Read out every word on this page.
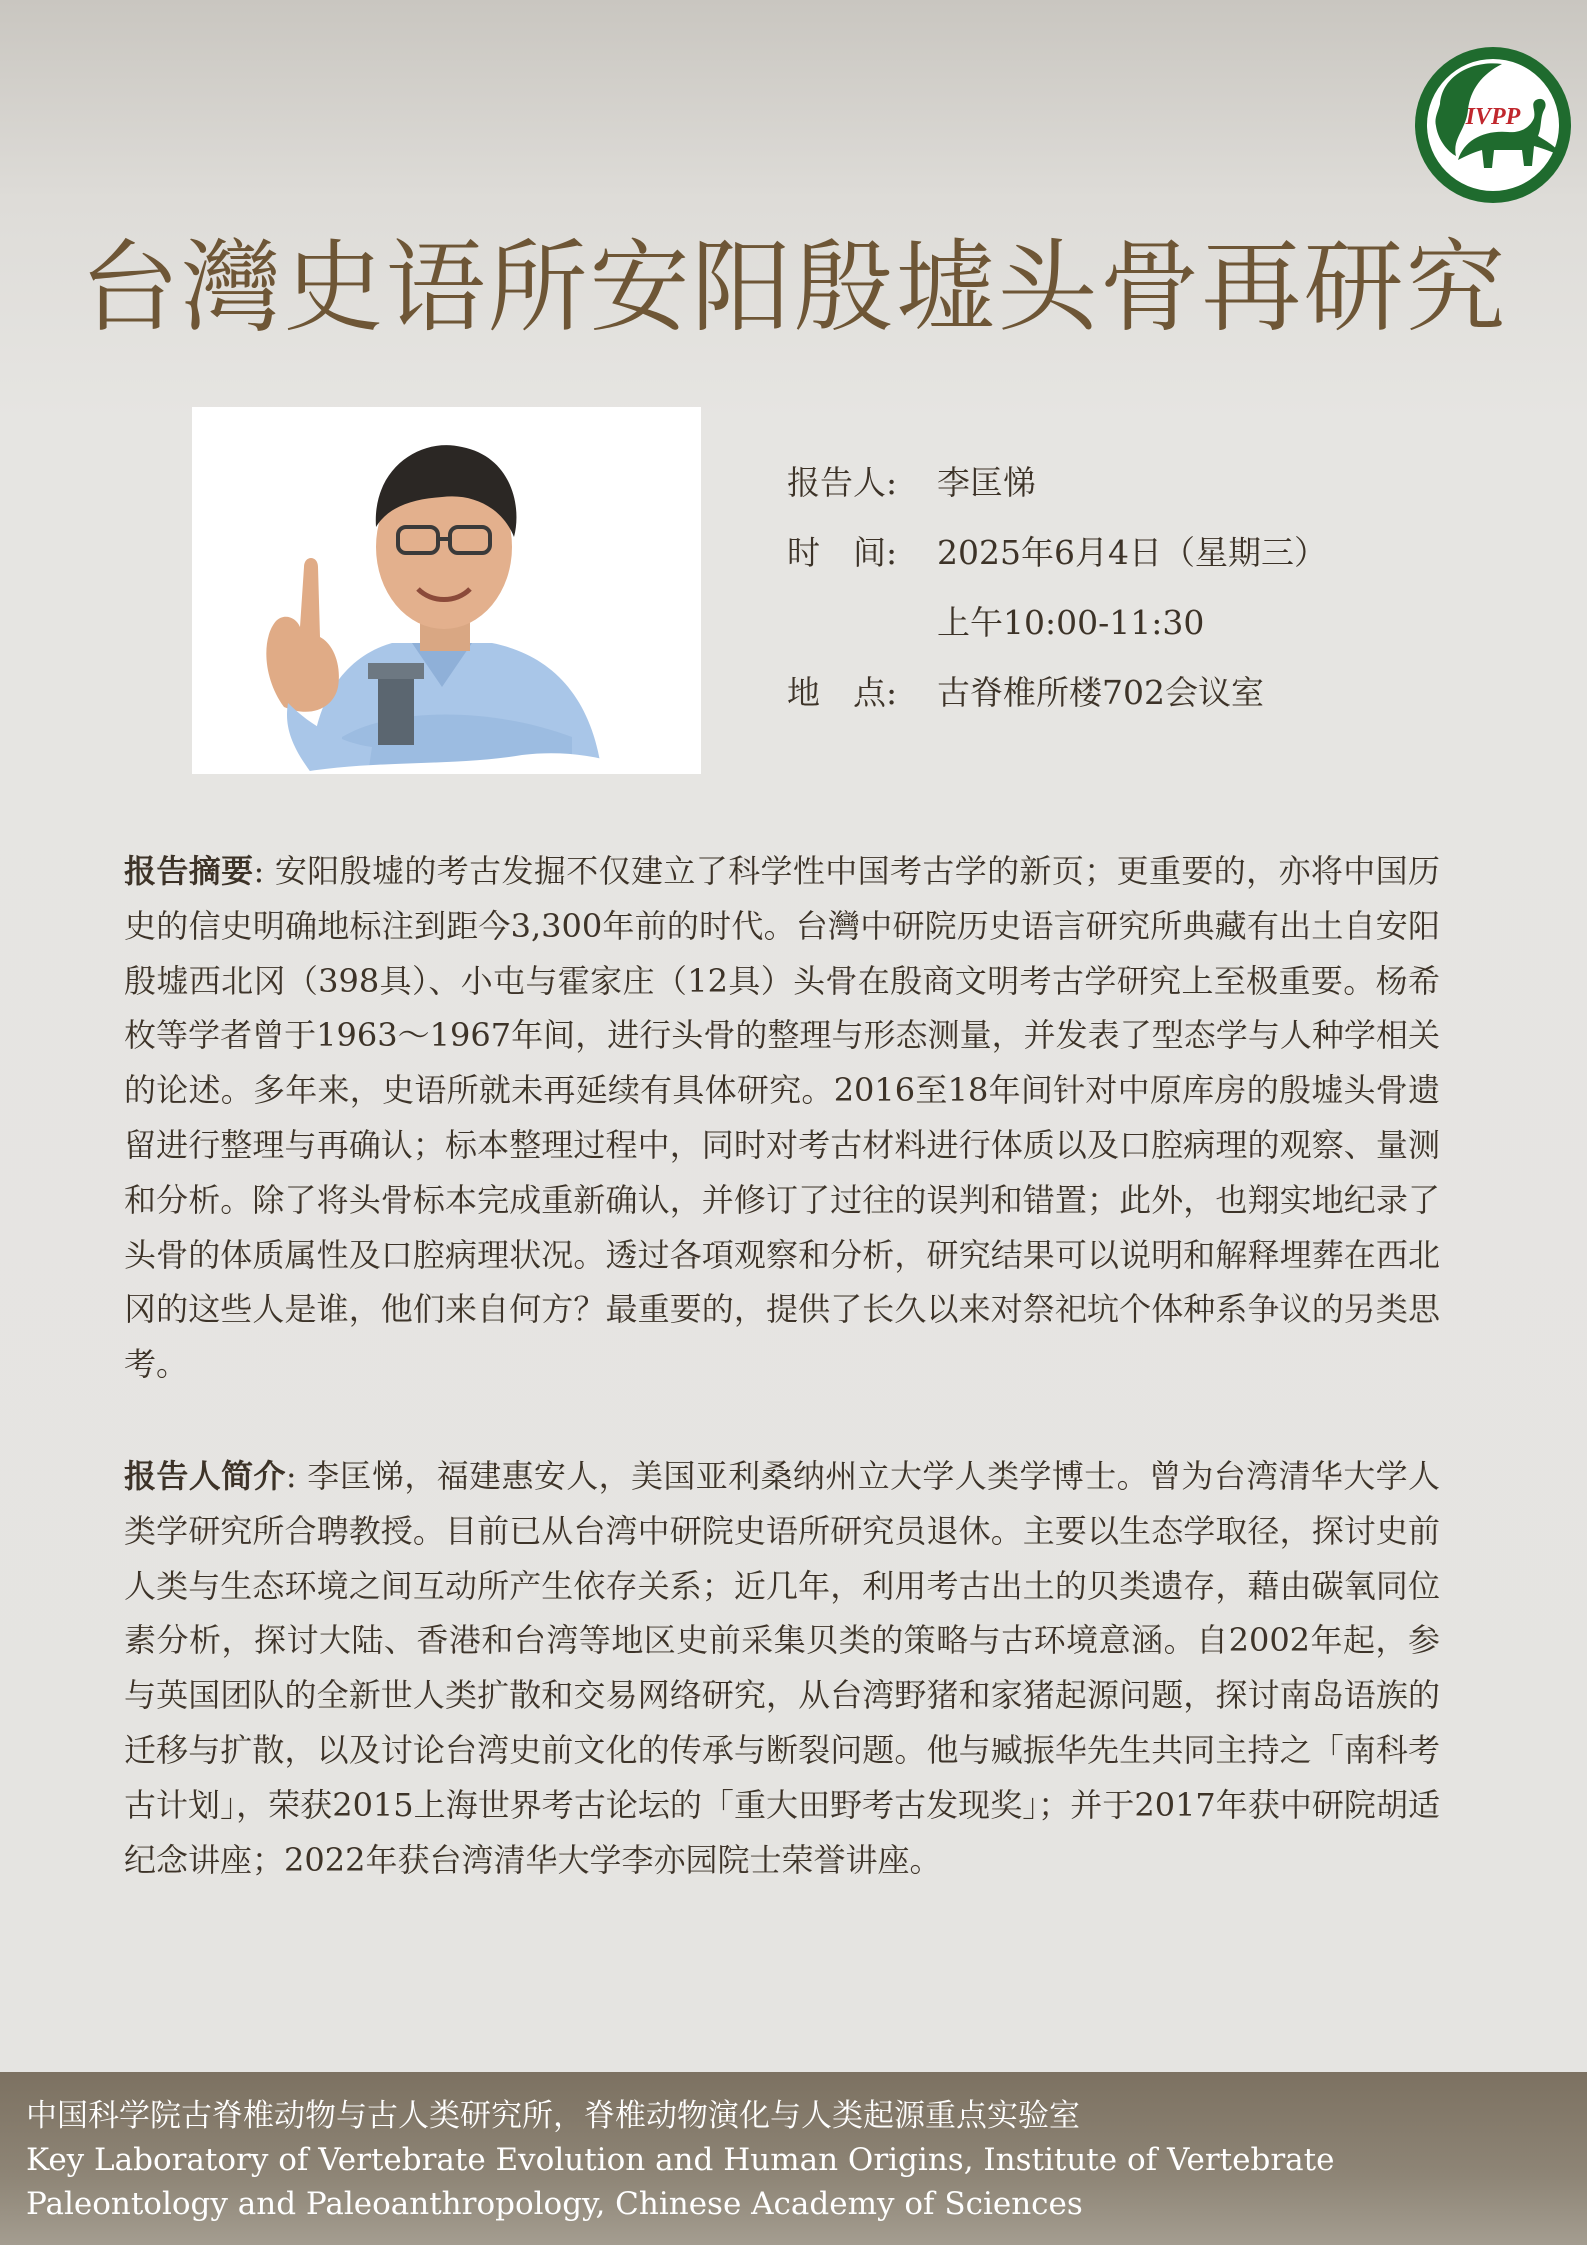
IVPP
台灣史语所安阳殷墟头骨再研究
报告人: 李匡悌
时　间: 2025年6月4日（星期三）
上午10:00-11:30
地　点: 古脊椎所楼702会议室
报告摘要: 安阳殷墟的考古发掘不仅建立了科学性中国考古学的新页；更重要的，亦将中国历史的信史明确地标注到距今3,300年前的时代。台灣中研院历史语言研究所典藏有出土自安阳殷墟西北冈（398具）、小屯与霍家庄（12具）头骨在殷商文明考古学研究上至极重要。杨希枚等学者曾于1963～1967年间，进行头骨的整理与形态测量，并发表了型态学与人种学相关的论述。多年来，史语所就未再延续有具体研究。2016至18年间针对中原库房的殷墟头骨遗留进行整理与再确认；标本整理过程中，同时对考古材料进行体质以及口腔病理的观察、量测和分析。除了将头骨标本完成重新确认，并修订了过往的误判和错置；此外，也翔实地纪录了头骨的体质属性及口腔病理状况。透过各項观察和分析，研究结果可以说明和解释埋葬在西北冈的这些人是谁，他们来自何方？最重要的，提供了长久以来对祭祀坑个体种系争议的另类思考。
报告人简介: 李匡悌，福建惠安人，美国亚利桑纳州立大学人类学博士。曾为台湾清华大学人类学研究所合聘教授。目前已从台湾中研院史语所研究员退休。主要以生态学取径，探讨史前人类与生态环境之间互动所产生依存关系；近几年，利用考古出土的贝类遗存，藉由碳氧同位素分析，探讨大陆、香港和台湾等地区史前采集贝类的策略与古环境意涵。自2002年起，参与英国团队的全新世人类扩散和交易网络研究，从台湾野猪和家猪起源问题，探讨南岛语族的迁移与扩散，以及讨论台湾史前文化的传承与断裂问题。他与臧振华先生共同主持之「南科考古计划」，荣获2015上海世界考古论坛的「重大田野考古发现奖」；并于2017年获中研院胡适纪念讲座；2022年获台湾清华大学李亦园院士荣誉讲座。
中国科学院古脊椎动物与古人类研究所，脊椎动物演化与人类起源重点实验室
Key Laboratory of Vertebrate Evolution and Human Origins, Institute of Vertebrate Paleontology and Paleoanthropology, Chinese Academy of Sciences
